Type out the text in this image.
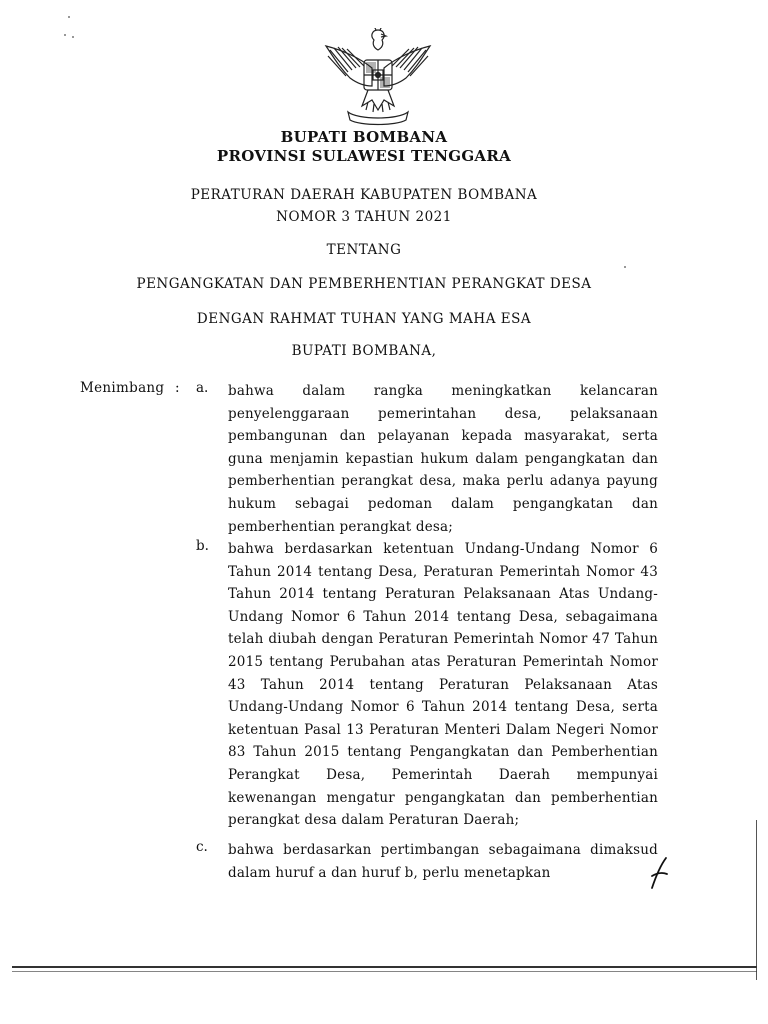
BUPATI BOMBANA
PROVINSI SULAWESI TENGGARA
PERATURAN DAERAH KABUPATEN BOMBANA
NOMOR 3 TAHUN 2021
TENTANG
PENGANGKATAN DAN PEMBERHENTIAN PERANGKAT DESA
DENGAN RAHMAT TUHAN YANG MAHA ESA
BUPATI BOMBANA,
Menimbang : a. bahwa dalam rangka meningkatkan kelancaran penyelenggaraan pemerintahan desa, pelaksanaan pembangunan dan pelayanan kepada masyarakat, serta guna menjamin kepastian hukum dalam pengangkatan dan pemberhentian perangkat desa, maka perlu adanya payung hukum sebagai pedoman dalam pengangkatan dan pemberhentian perangkat desa;
b. bahwa berdasarkan ketentuan Undang-Undang Nomor 6 Tahun 2014 tentang Desa, Peraturan Pemerintah Nomor 43 Tahun 2014 tentang Peraturan Pelaksanaan Atas Undang-Undang Nomor 6 Tahun 2014 tentang Desa, sebagaimana telah diubah dengan Peraturan Pemerintah Nomor 47 Tahun 2015 tentang Perubahan atas Peraturan Pemerintah Nomor 43 Tahun 2014 tentang Peraturan Pelaksanaan Atas Undang-Undang Nomor 6 Tahun 2014 tentang Desa, serta ketentuan Pasal 13 Peraturan Menteri Dalam Negeri Nomor 83 Tahun 2015 tentang Pengangkatan dan Pemberhentian Perangkat Desa, Pemerintah Daerah mempunyai kewenangan mengatur pengangkatan dan pemberhentian perangkat desa dalam Peraturan Daerah;
c. bahwa berdasarkan pertimbangan sebagaimana dimaksud dalam huruf a dan huruf b, perlu menetapkan
